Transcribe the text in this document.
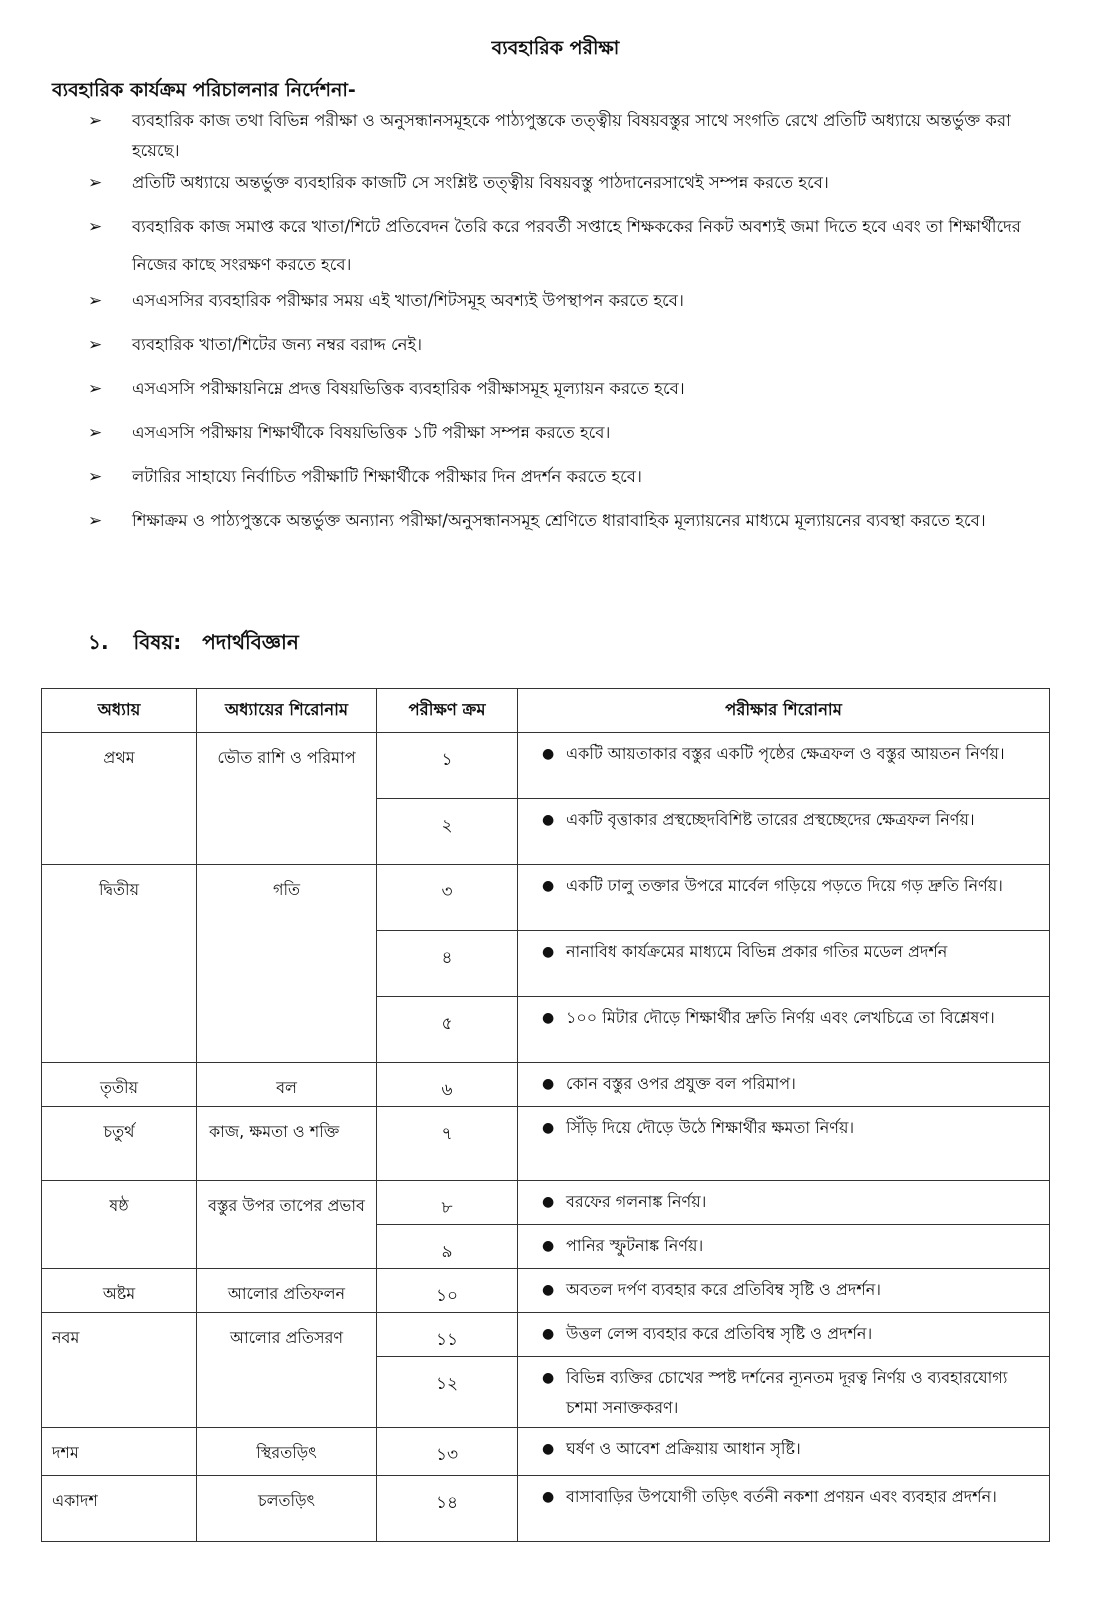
ব্যবহারিক পরীক্ষা
ব্যবহারিক কার্যক্রম পরিচালনার নির্দেশনা-
➢	ব্যবহারিক কাজ তথা বিভিন্ন পরীক্ষা ও অনুসন্ধানসমূহকে পাঠ্যপুস্তকে তত্ত্বীয় বিষয়বস্তুর সাথে সংগতি রেখে প্রতিটি অধ্যায়ে অন্তর্ভুক্ত করা হয়েছে।
➢	প্রতিটি অধ্যায়ে অন্তর্ভুক্ত ব্যবহারিক কাজটি সে সংশ্লিষ্ট তত্ত্বীয় বিষয়বস্তু পাঠদানেরসাথেই সম্পন্ন করতে হবে।
➢	ব্যবহারিক কাজ সমাপ্ত করে খাতা/শিটে প্রতিবেদন তৈরি করে পরবর্তী সপ্তাহে শিক্ষককের নিকট অবশ্যই জমা দিতে হবে এবং তা শিক্ষার্থীদের নিজের কাছে সংরক্ষণ করতে হবে।
➢	এসএসসির ব্যবহারিক পরীক্ষার সময় এই খাতা/শিটসমূহ অবশ্যই উপস্থাপন করতে হবে।
➢	ব্যবহারিক খাতা/শিটের জন্য নম্বর বরাদ্দ নেই।
➢	এসএসসি পরীক্ষায়নিম্নে প্রদত্ত বিষয়ভিত্তিক ব্যবহারিক পরীক্ষাসমূহ মূল্যায়ন করতে হবে।
➢	এসএসসি পরীক্ষায় শিক্ষার্থীকে বিষয়ভিত্তিক ১টি পরীক্ষা সম্পন্ন করতে হবে।
➢	লটারির সাহায্যে নির্বাচিত পরীক্ষাটি শিক্ষার্থীকে পরীক্ষার দিন প্রদর্শন করতে হবে।
➢	শিক্ষাক্রম ও পাঠ্যপুস্তকে অন্তর্ভুক্ত অন্যান্য পরীক্ষা/অনুসন্ধানসমূহ শ্রেণিতে ধারাবাহিক মূল্যায়নের মাধ্যমে মূল্যায়নের ব্যবস্থা করতে হবে।
১. বিষয়: পদার্থবিজ্ঞান
অধ্যায়	অধ্যায়ের শিরোনাম	পরীক্ষণ ক্রম	পরীক্ষার শিরোনাম
প্রথম	ভৌত রাশি ও পরিমাপ	১	● একটি আয়তাকার বস্তুর একটি পৃষ্ঠের ক্ষেত্রফল ও বস্তুর আয়তন নির্ণয়।
		২	● একটি বৃত্তাকার প্রস্থচ্ছেদবিশিষ্ট তারের প্রস্থচ্ছেদের ক্ষেত্রফল নির্ণয়।
দ্বিতীয়	গতি	৩	● একটি ঢালু তক্তার উপরে মার্বেল গড়িয়ে পড়তে দিয়ে গড় দ্রুতি নির্ণয়।
		৪	● নানাবিধ কার্যক্রমের মাধ্যমে বিভিন্ন প্রকার গতির মডেল প্রদর্শন
		৫	● ১০০ মিটার দৌড়ে শিক্ষার্থীর দ্রুতি নির্ণয় এবং লেখচিত্রে তা বিশ্লেষণ।
তৃতীয়	বল	৬	● কোন বস্তুর ওপর প্রযুক্ত বল পরিমাপ।
চতুর্থ	কাজ, ক্ষমতা ও শক্তি	৭	● সিঁড়ি দিয়ে দৌড়ে উঠে শিক্ষার্থীর ক্ষমতা নির্ণয়।
ষষ্ঠ	বস্তুর উপর তাপের প্রভাব	৮	● বরফের গলনাঙ্ক নির্ণয়।
		৯	● পানির স্ফুটনাঙ্ক নির্ণয়।
অষ্টম	আলোর প্রতিফলন	১০	● অবতল দর্পণ ব্যবহার করে প্রতিবিম্ব সৃষ্টি ও প্রদর্শন।
নবম	আলোর প্রতিসরণ	১১	● উত্তল লেন্স ব্যবহার করে প্রতিবিম্ব সৃষ্টি ও প্রদর্শন।
		১২	● বিভিন্ন ব্যক্তির চোখের স্পষ্ট দর্শনের ন্যূনতম দূরত্ব নির্ণয় ও ব্যবহারযোগ্য চশমা সনাক্তকরণ।
দশম	স্থিরতড়িৎ	১৩	● ঘর্ষণ ও আবেশ প্রক্রিয়ায় আধান সৃষ্টি।
একাদশ	চলতড়িৎ	১৪	● বাসাবাড়ির উপযোগী তড়িৎ বর্তনী নকশা প্রণয়ন এবং ব্যবহার প্রদর্শন।
